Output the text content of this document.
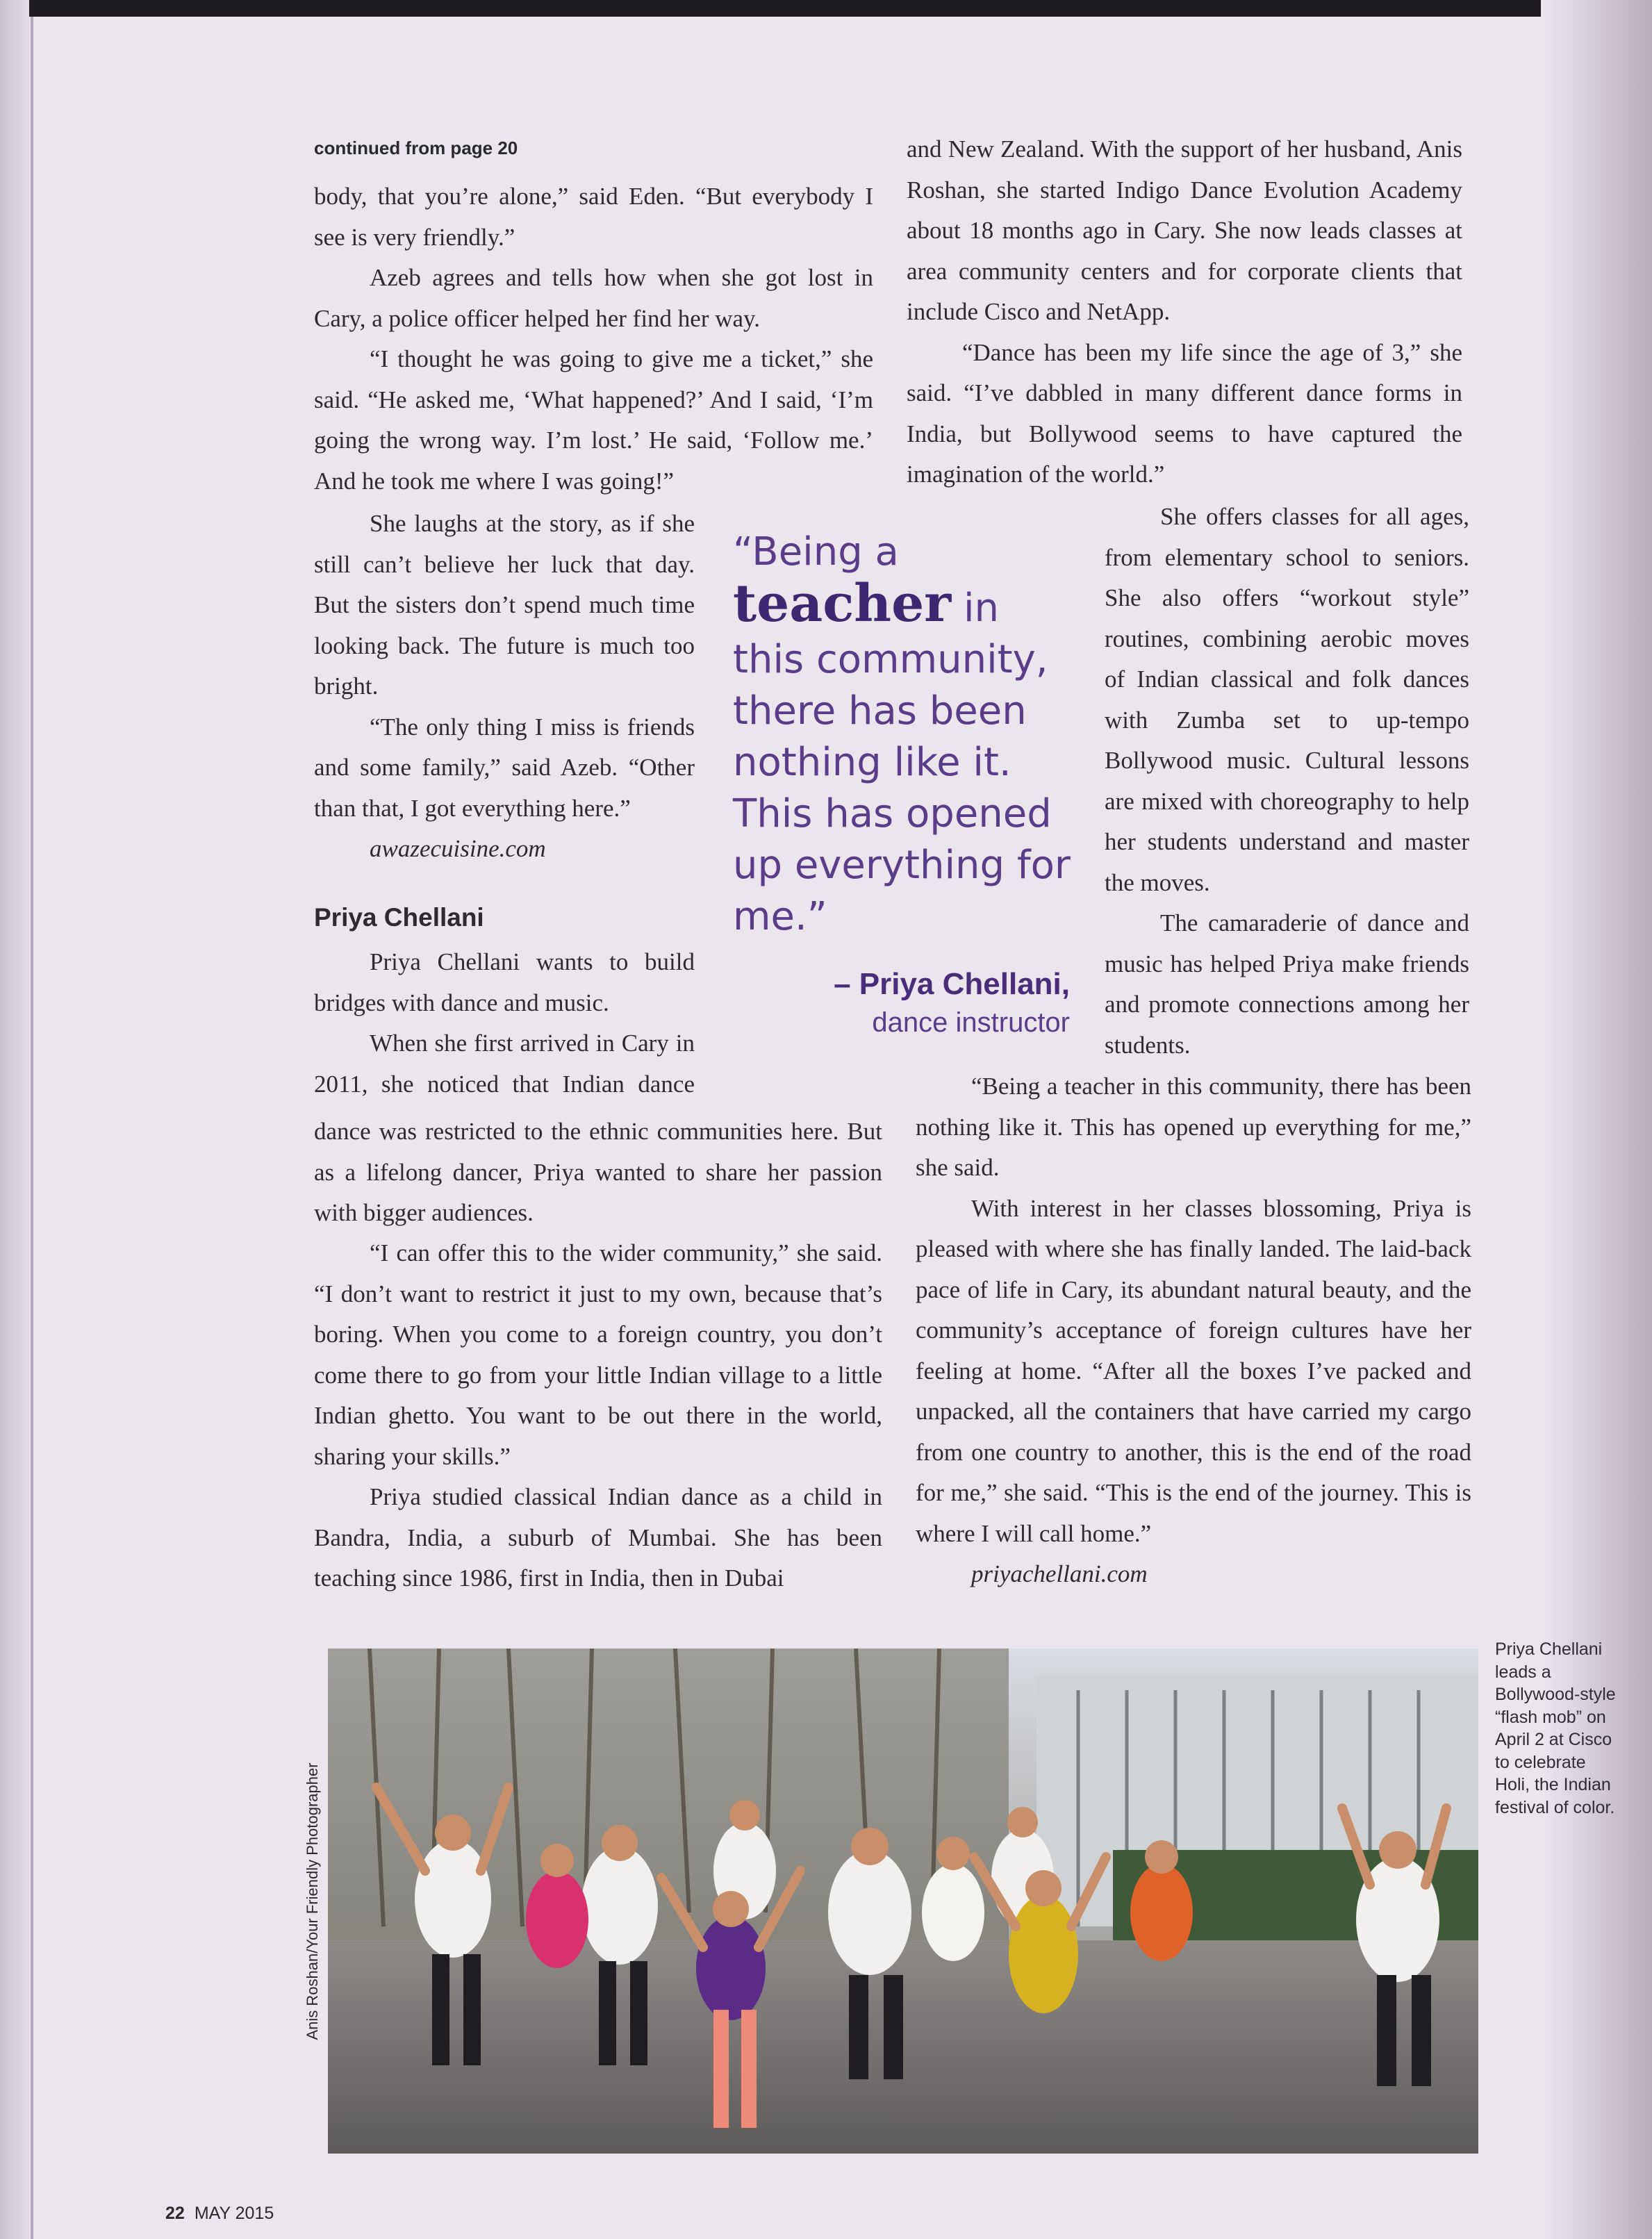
continued from page 20

body, that you’re alone,” said Eden. “But everybody I see is very friendly.”

Azeb agrees and tells how when she got lost in Cary, a police officer helped her find her way.

“I thought he was going to give me a ticket,” she said. “He asked me, ‘What happened?’ And I said, ‘I’m going the wrong way. I’m lost.’ He said, ‘Follow me.’ And he took me where I was going!”

She laughs at the story, as if she still can’t believe her luck that day. But the sisters don’t spend much time looking back. The future is much too bright.

“The only thing I miss is friends and some family,” said Azeb. “Other than that, I got everything here.”

awazecuisine.com

Priya Chellani

Priya Chellani wants to build bridges with dance and music.

When she first arrived in Cary in 2011, she noticed that Indian dance

dance was restricted to the ethnic communities here. But as a lifelong dancer, Priya wanted to share her passion with bigger audiences.

“Being a
teacher in this community, there has been nothing like it. This has opened up everything for me.”
– Priya Chellani,
dance instructor

and New Zealand. With the support of her husband, Anis Roshan, she started Indigo Dance Evolution Academy about 18 months ago in Cary. She now leads classes at area community centers and for corporate clients that include Cisco and NetApp.

“Dance has been my life since the age of 3,” she said. “I’ve dabbled in many different dance forms in India, but Bollywood seems to have captured the imagination of the world.”

She offers classes for all ages, from elementary school to seniors. She also offers “workout style” routines, combining aerobic moves of Indian classical and folk dances with Zumba set to up-tempo Bollywood music. Cultural lessons are mixed with choreography to help her students understand and master the moves.

The camaraderie of dance and music has helped Priya make friends and promote connections among her students.

“Being a teacher in this community, there has been nothing like it. This has opened up everything for me,” she said.

With interest in her classes blossoming, Priya is pleased with where she has finally landed. The laid-back pace of life in Cary, its abundant natural beauty, and the community’s acceptance of foreign cultures have her feeling at home. “After all the boxes I’ve packed and unpacked, all the containers that have carried my cargo from one country to another, this is the end of the road for me,” she said. “This is the end of the journey. This is where I will call home.”

priyachellani.com

“I can offer this to the wider community,” she said. “I don’t want to restrict it just to my own, because that’s boring. When you come to a foreign country, you don’t come there to go from your little Indian village to a little Indian ghetto. You want to be out there in the world, sharing your skills.”

Priya studied classical Indian dance as a child in Bandra, India, a suburb of Mumbai. She has been teaching since 1986, first in India, then in Dubai

Anis Roshan/Your Friendly Photographer
Priya Chellani leads a Bollywood-style “flash mob” on April 2 at Cisco to celebrate Holi, the Indian festival of color.
22 MAY 2015
